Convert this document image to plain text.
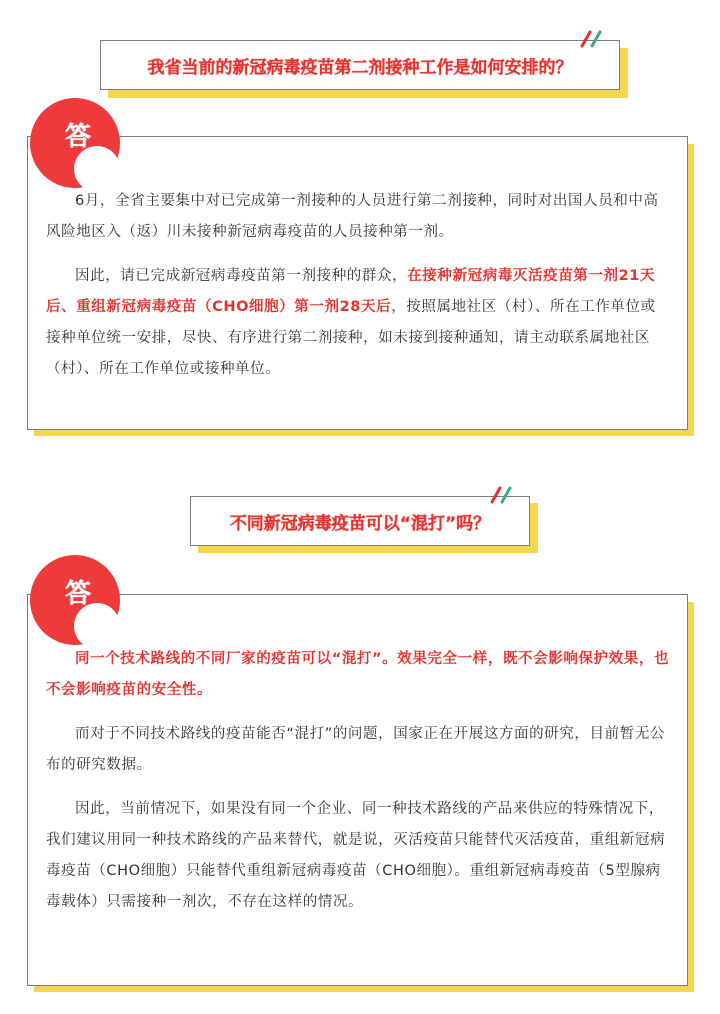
我省当前的新冠病毒疫苗第二剂接种工作是如何安排的？
答

6月，全省主要集中对已完成第一剂接种的人员进行第二剂接种，同时对出国人员和中高风险地区入（返）川未接种新冠病毒疫苗的人员接种第一剂。

因此，请已完成新冠病毒疫苗第一剂接种的群众，在接种新冠病毒灭活疫苗第一剂21天后、重组新冠病毒疫苗（CHO细胞）第一剂28天后，按照属地社区（村）、所在工作单位或接种单位统一安排，尽快、有序进行第二剂接种，如未接到接种通知，请主动联系属地社区（村）、所在工作单位或接种单位。

不同新冠病毒疫苗可以“混打”吗？
答

同一个技术路线的不同厂家的疫苗可以“混打”。效果完全一样，既不会影响保护效果，也不会影响疫苗的安全性。

而对于不同技术路线的疫苗能否“混打”的问题，国家正在开展这方面的研究，目前暂无公布的研究数据。

因此，当前情况下，如果没有同一个企业、同一种技术路线的产品来供应的特殊情况下，我们建议用同一种技术路线的产品来替代，就是说，灭活疫苗只能替代灭活疫苗，重组新冠病毒疫苗（CHO细胞）只能替代重组新冠病毒疫苗（CHO细胞）。重组新冠病毒疫苗（5型腺病毒载体）只需接种一剂次，不存在这样的情况。
